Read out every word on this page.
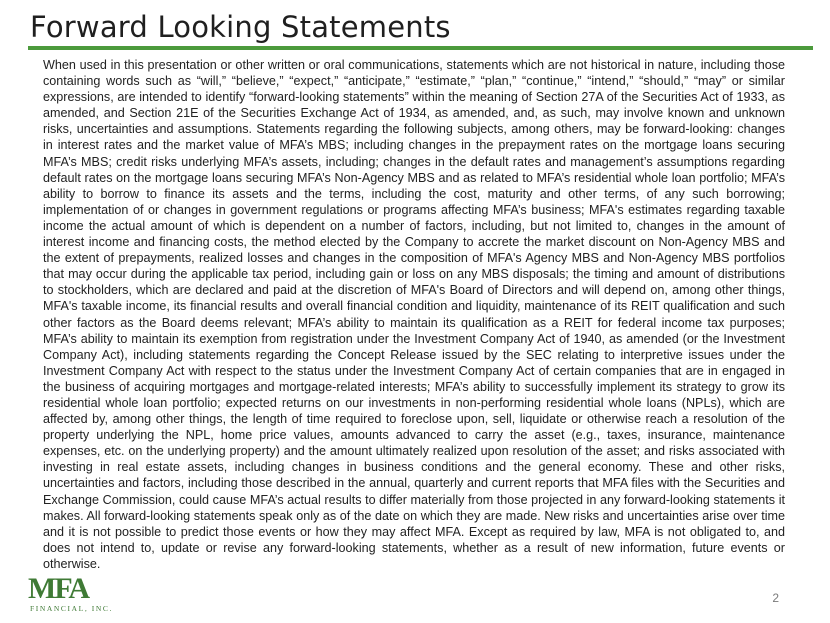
Forward Looking Statements

When used in this presentation or other written or oral communications, statements which are not historical in nature, including those containing words such as “will,” “believe,” “expect,” “anticipate,” “estimate,” “plan,” “continue,” “intend,” “should,” “may” or similar expressions, are intended to identify “forward-looking statements” within the meaning of Section 27A of the Securities Act of 1933, as amended, and Section 21E of the Securities Exchange Act of 1934, as amended, and, as such, may involve known and unknown risks, uncertainties and assumptions. Statements regarding the following subjects, among others, may be forward-looking: changes in interest rates and the market value of MFA’s MBS; including changes in the prepayment rates on the mortgage loans securing MFA’s MBS; credit risks underlying MFA’s assets, including; changes in the default rates and management’s assumptions regarding default rates on the mortgage loans securing MFA’s Non-Agency MBS and as related to MFA’s residential whole loan portfolio; MFA’s ability to borrow to finance its assets and the terms, including the cost, maturity and other terms, of any such borrowing; implementation of or changes in government regulations or programs affecting MFA’s business; MFA's estimates regarding taxable income the actual amount of which is dependent on a number of factors, including, but not limited to, changes in the amount of interest income and financing costs, the method elected by the Company to accrete the market discount on Non-Agency MBS and the extent of prepayments, realized losses and changes in the composition of MFA's Agency MBS and Non-Agency MBS portfolios that may occur during the applicable tax period, including gain or loss on any MBS disposals; the timing and amount of distributions to stockholders, which are declared and paid at the discretion of MFA's Board of Directors and will depend on, among other things, MFA's taxable income, its financial results and overall financial condition and liquidity, maintenance of its REIT qualification and such other factors as the Board deems relevant; MFA’s ability to maintain its qualification as a REIT for federal income tax purposes; MFA’s ability to maintain its exemption from registration under the Investment Company Act of 1940, as amended (or the Investment Company Act), including statements regarding the Concept Release issued by the SEC relating to interpretive issues under the Investment Company Act with respect to the status under the Investment Company Act of certain companies that are in engaged in the business of acquiring mortgages and mortgage-related interests; MFA’s ability to successfully implement its strategy to grow its residential whole loan portfolio; expected returns on our investments in non-performing residential whole loans (NPLs), which are affected by, among other things, the length of time required to foreclose upon, sell, liquidate or otherwise reach a resolution of the property underlying the NPL, home price values, amounts advanced to carry the asset (e.g., taxes, insurance, maintenance expenses, etc. on the underlying property) and the amount ultimately realized upon resolution of the asset; and risks associated with investing in real estate assets, including changes in business conditions and the general economy. These and other risks, uncertainties and factors, including those described in the annual, quarterly and current reports that MFA files with the Securities and Exchange Commission, could cause MFA’s actual results to differ materially from those projected in any forward-looking statements it makes. All forward-looking statements speak only as of the date on which they are made. New risks and uncertainties arise over time and it is not possible to predict those events or how they may affect MFA. Except as required by law, MFA is not obligated to, and does not intend to, update or revise any forward-looking statements, whether as a result of new information, future events or otherwise.

MFA
FINANCIAL, INC.
2
